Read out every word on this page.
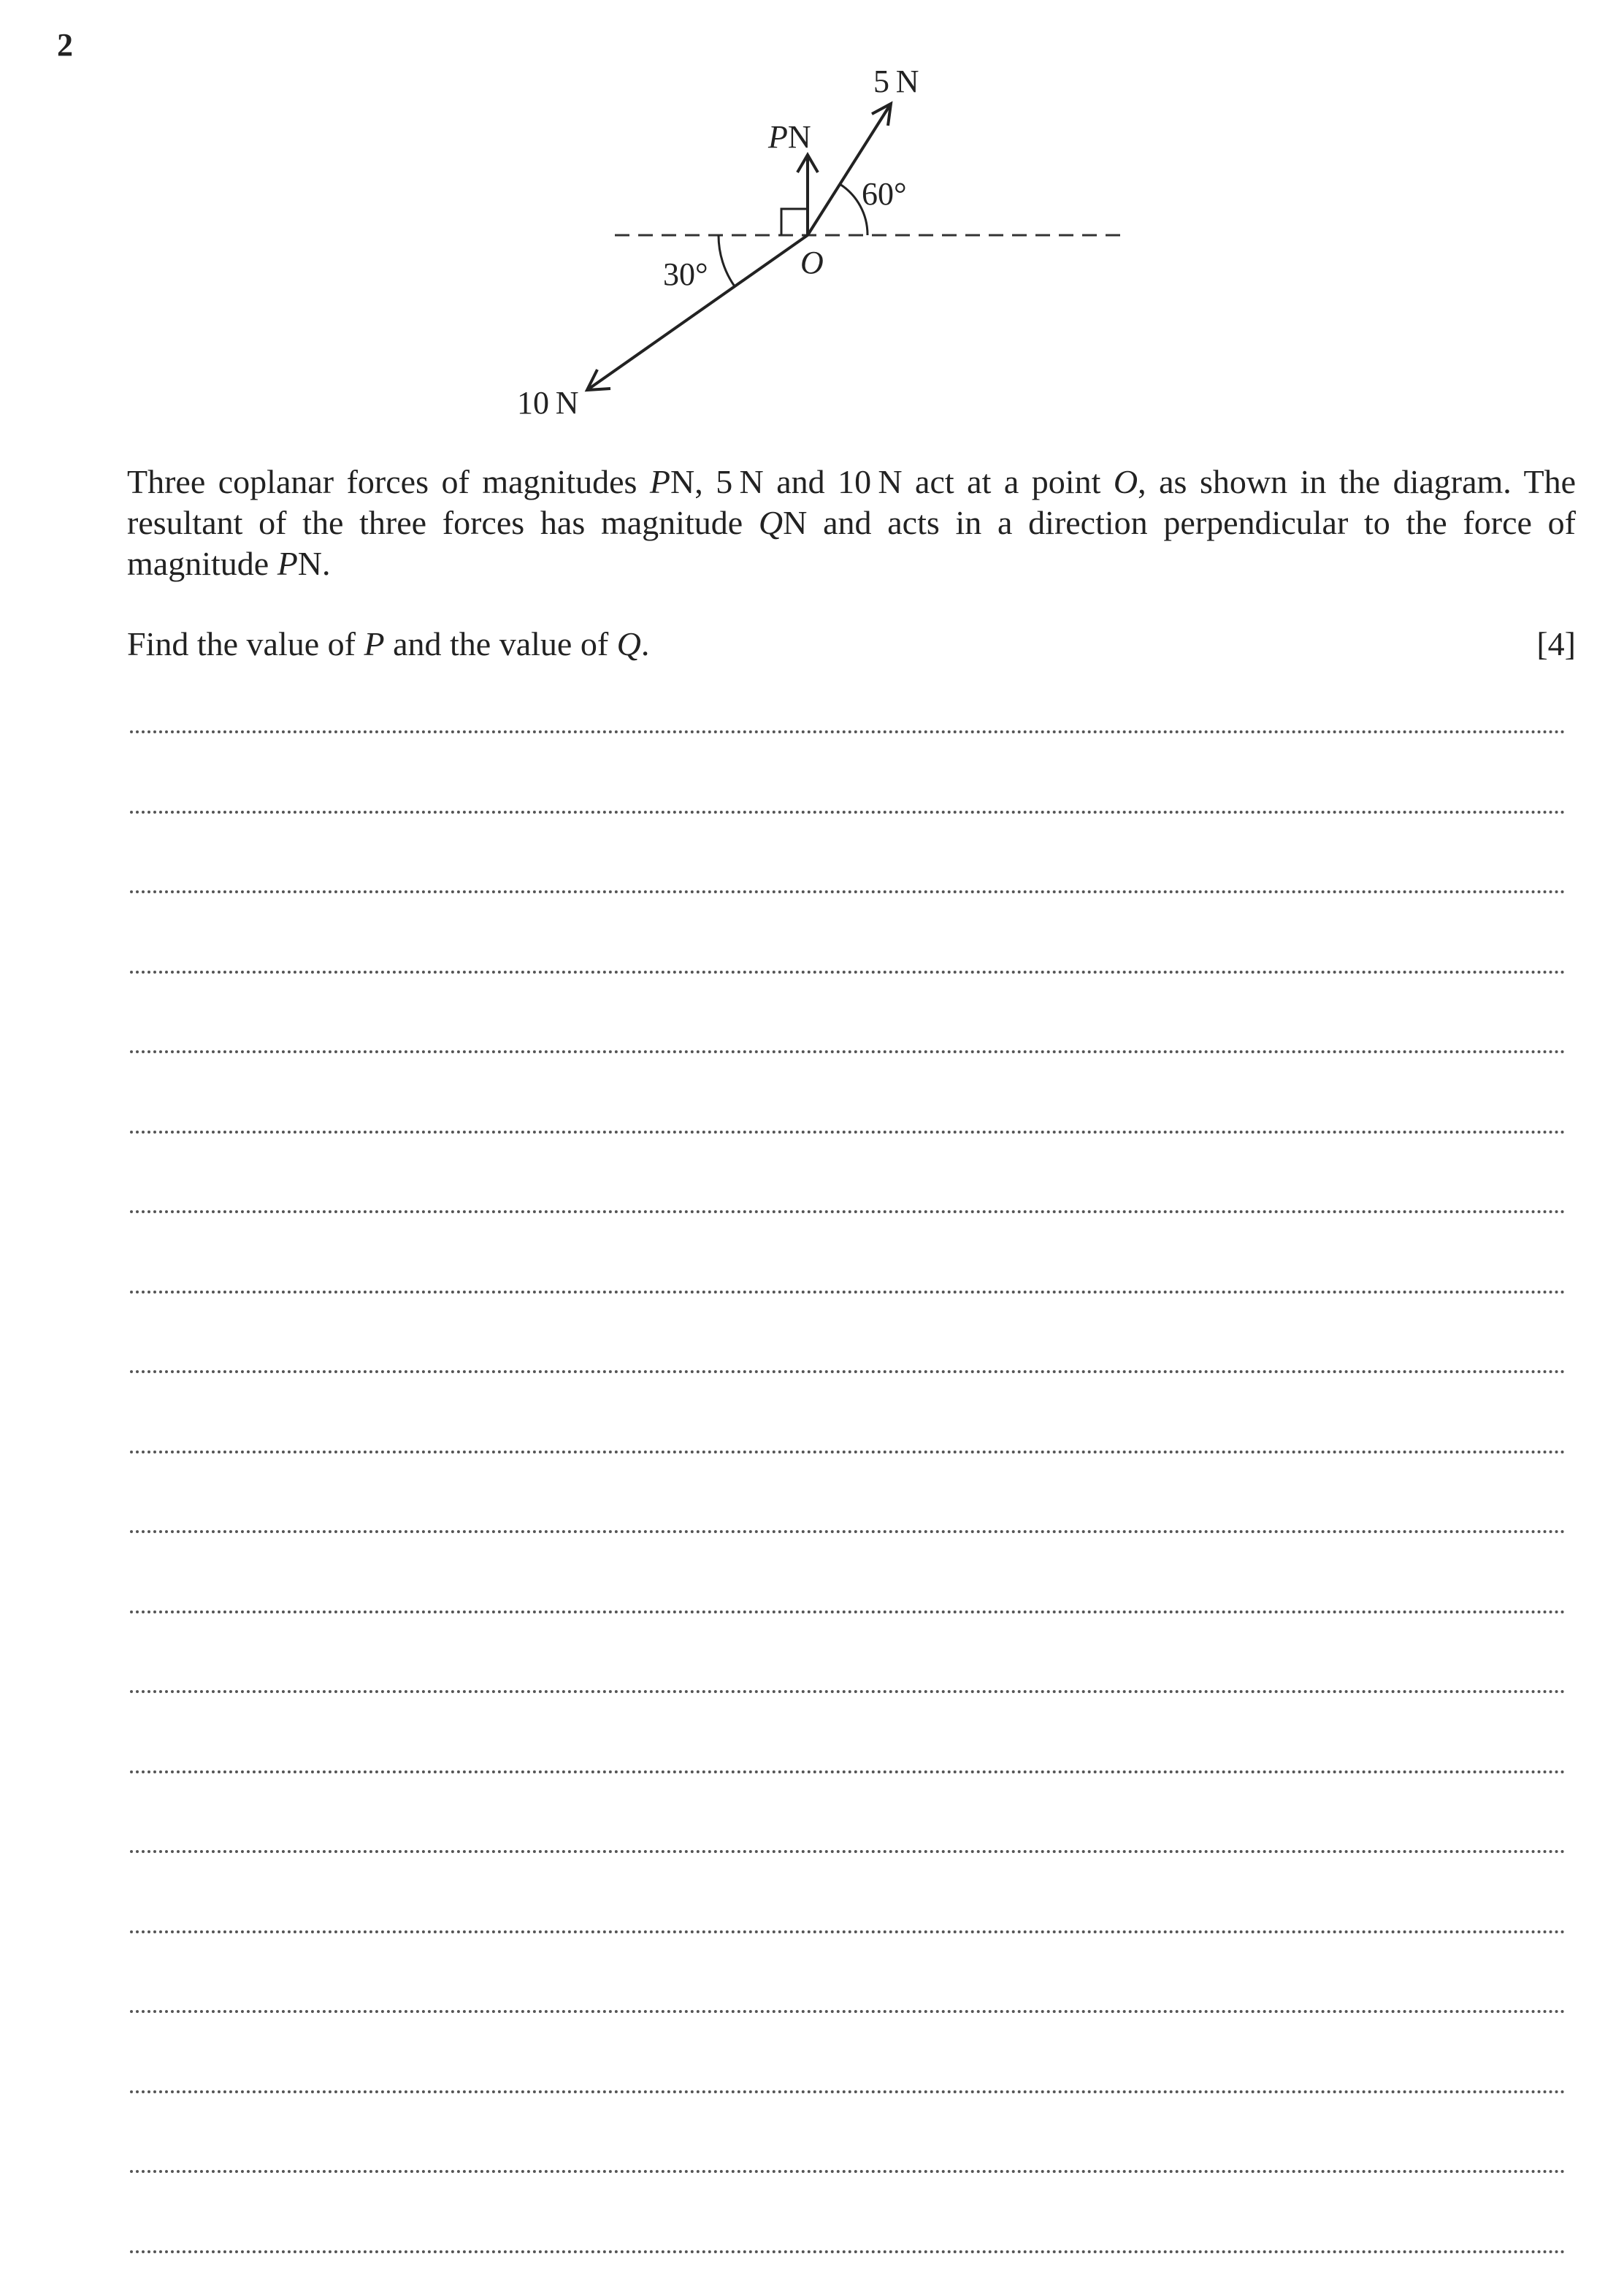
2
5 N
PN
60°
O
30°
10 N

Three coplanar forces of magnitudes PN, 5 N and 10 N act at a point O, as shown in the diagram. The resultant of the three forces has magnitude QN and acts in a direction perpendicular to the force of magnitude PN.

Find the value of P and the value of Q.	[4]
